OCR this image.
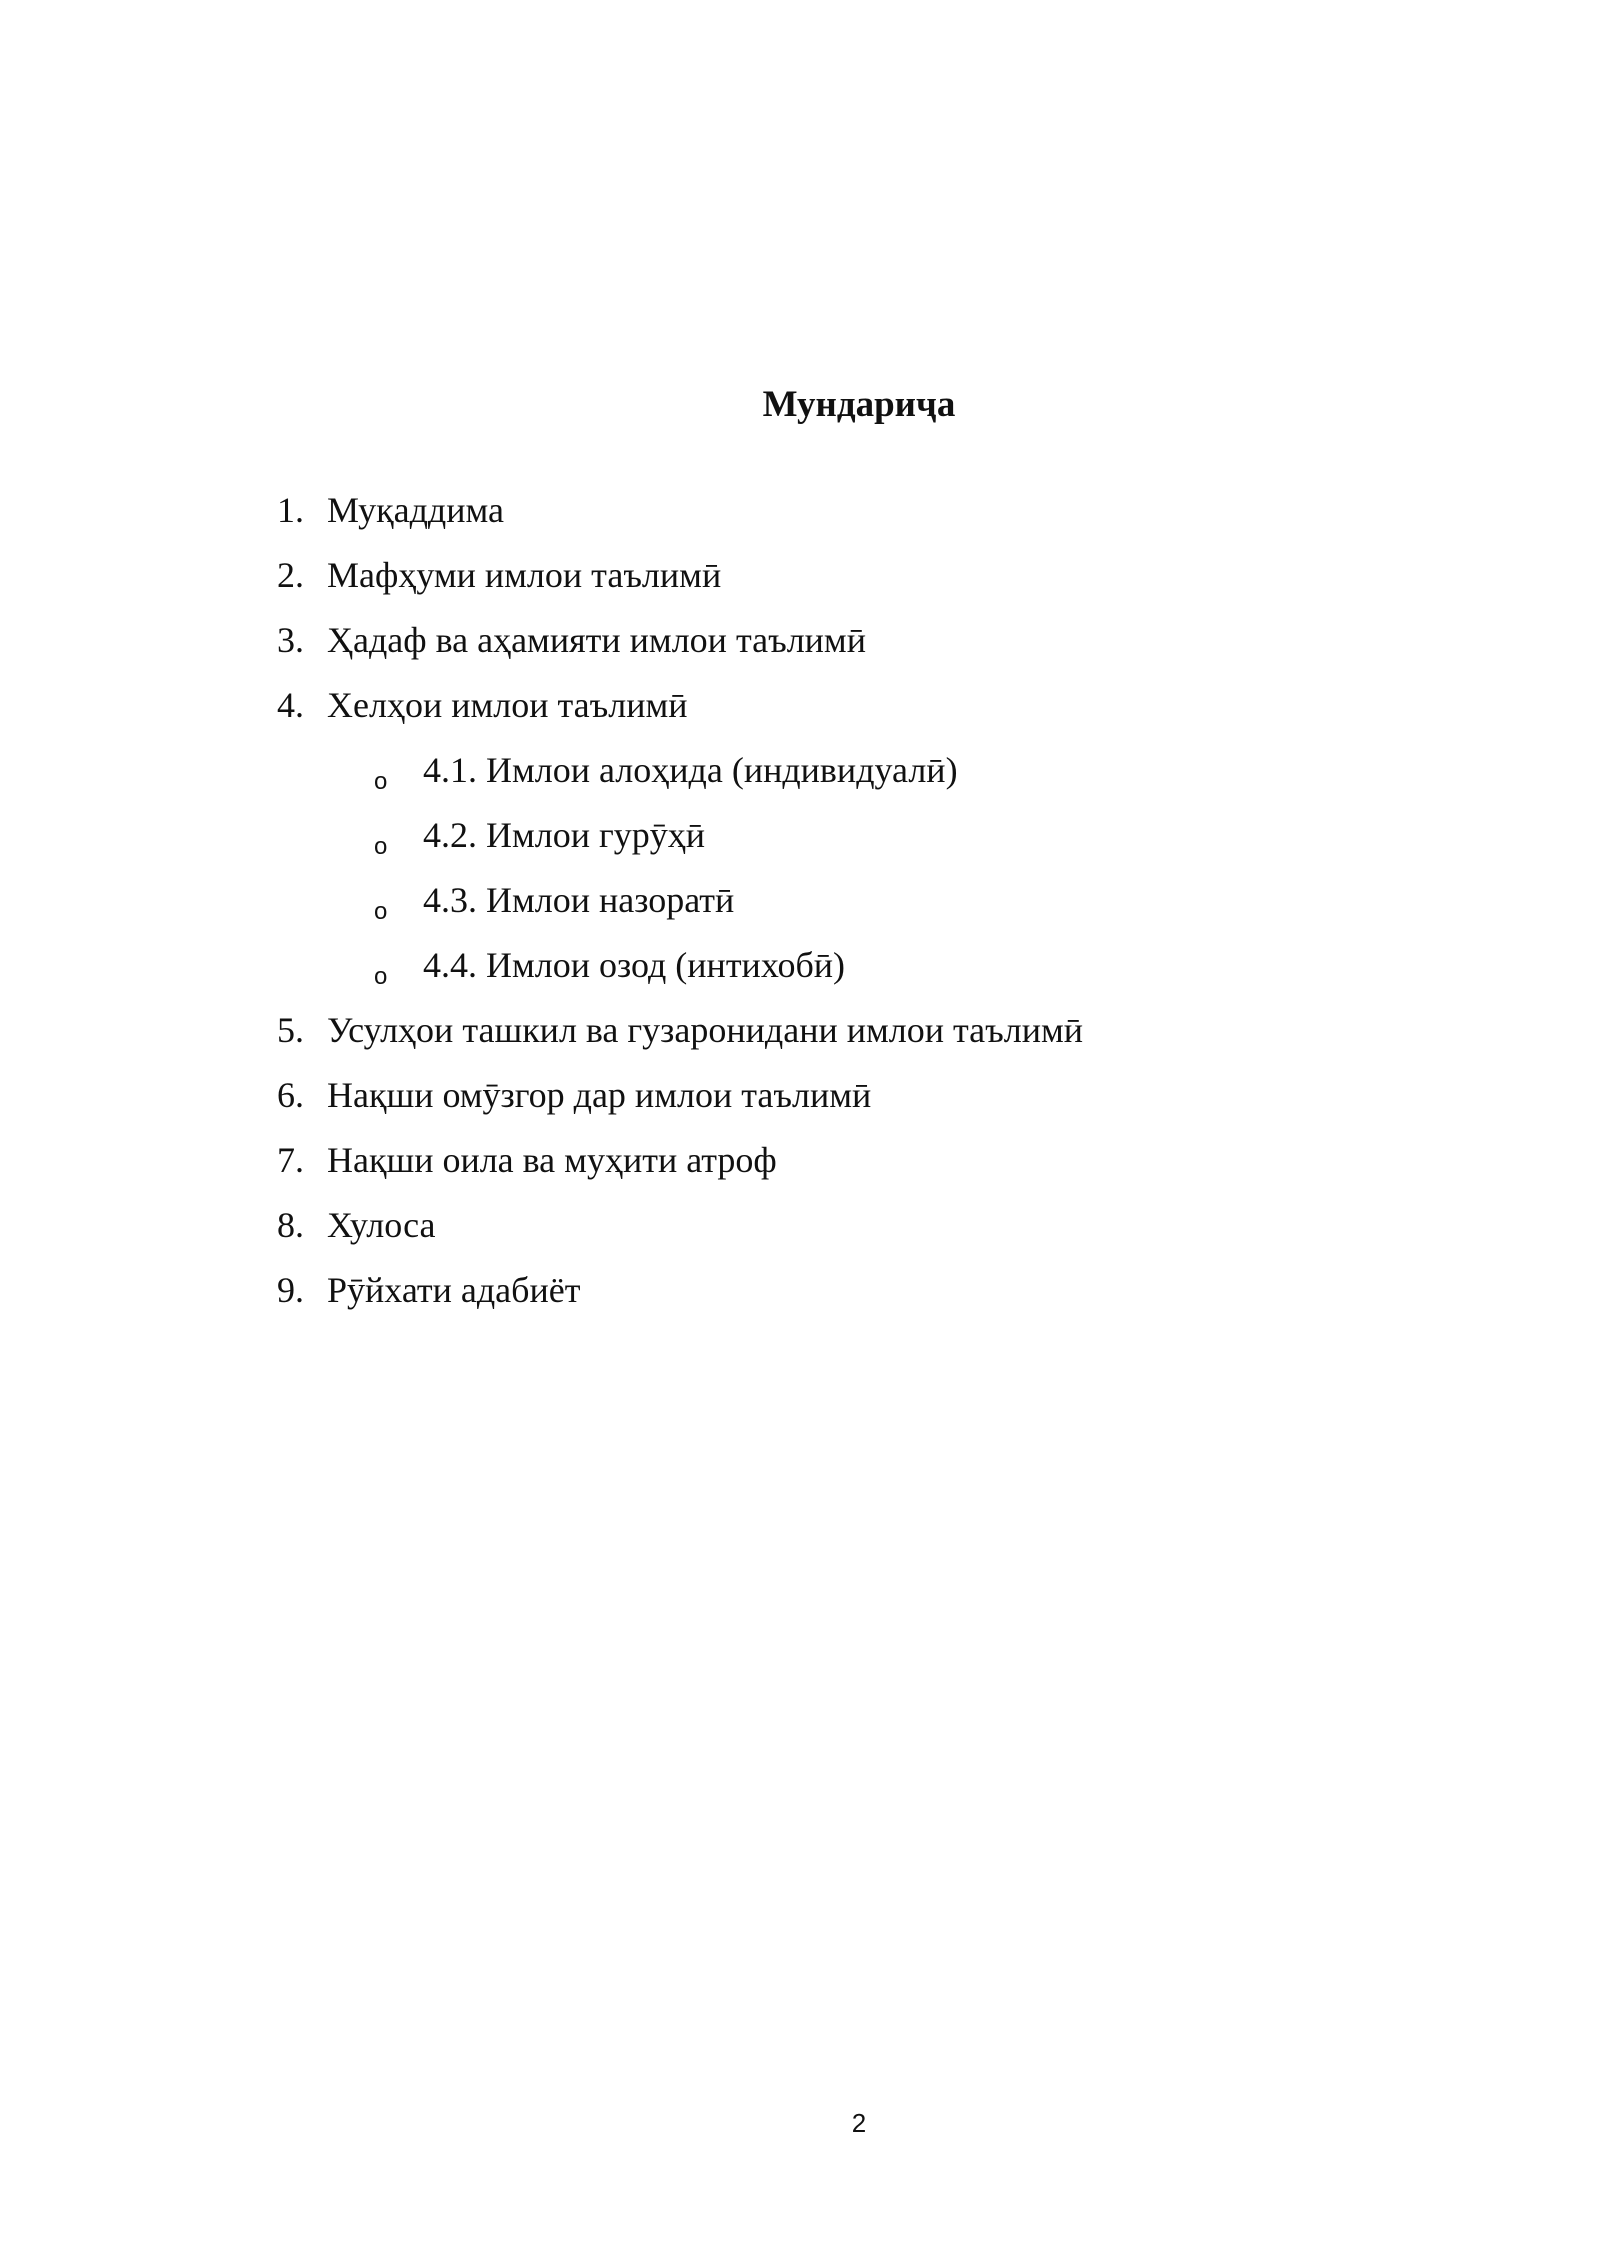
Мундариҷа
1. Муқаддима
2. Мафҳуми имлои таълимӣ
3. Ҳадаф ва аҳамияти имлои таълимӣ
4. Хелҳои имлои таълимӣ
o 4.1. Имлои алоҳида (индивидуалӣ)
o 4.2. Имлои гурӯҳӣ
o 4.3. Имлои назоратӣ
o 4.4. Имлои озод (интихобӣ)
5. Усулҳои ташкил ва гузаронидани имлои таълимӣ
6. Нақши омӯзгор дар имлои таълимӣ
7. Нақши оила ва муҳити атроф
8. Хулоса
9. Рӯйхати адабиёт
2
